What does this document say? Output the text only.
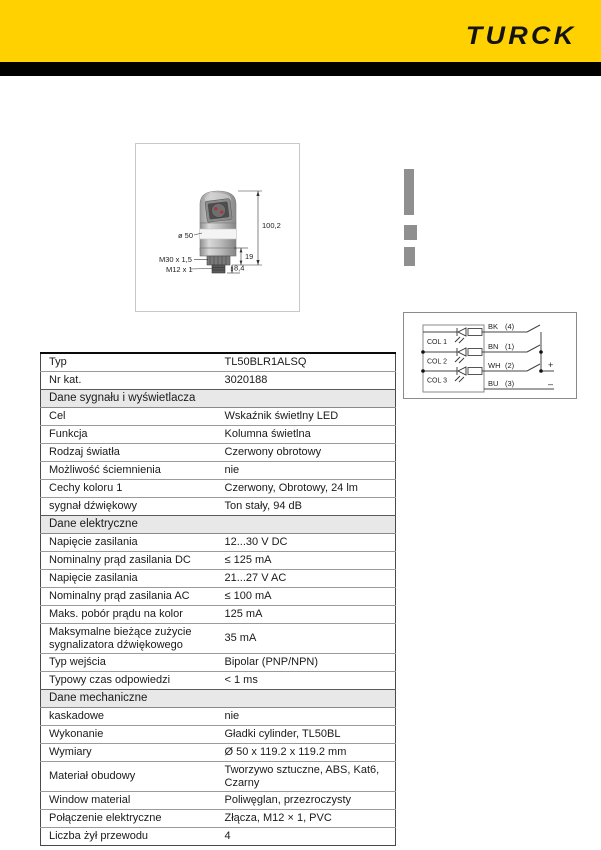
TURCK
100,2
19
8,4
ø 50
M30 x 1,5
M12 x 1
COL 1
COL 2
COL 3
BK (4)
BN (1)
WH (2)
BU (3)
+
–
Typ	TL50BLR1ALSQ
Nr kat.	3020188
Dane sygnału i wyświetlacza	
Cel	Wskaźnik świetlny LED
Funkcja	Kolumna świetlna
Rodzaj światła	Czerwony obrotowy
Możliwość ściemnienia	nie
Cechy koloru 1	Czerwony, Obrotowy, 24 lm
sygnał dźwiękowy	Ton stały, 94 dB
Dane elektryczne	
Napięcie zasilania	12...30 V DC
Nominalny prąd zasilania DC	≤ 125 mA
Napięcie zasilania	21...27 V AC
Nominalny prąd zasilania AC	≤ 100 mA
Maks. pobór prądu na kolor	125 mA
Maksymalne bieżące zużycie sygnalizatora dźwiękowego	35 mA
Typ wejścia	Bipolar (PNP/NPN)
Typowy czas odpowiedzi	< 1 ms
Dane mechaniczne	
kaskadowe	nie
Wykonanie	Gładki cylinder, TL50BL
Wymiary	Ø 50 x 119.2 x 119.2 mm
Materiał obudowy	Tworzywo sztuczne, ABS, Kat6, Czarny
Window material	Poliwęglan, przezroczysty
Połączenie elektryczne	Złącza, M12 × 1, PVC
Liczba żył przewodu	4
